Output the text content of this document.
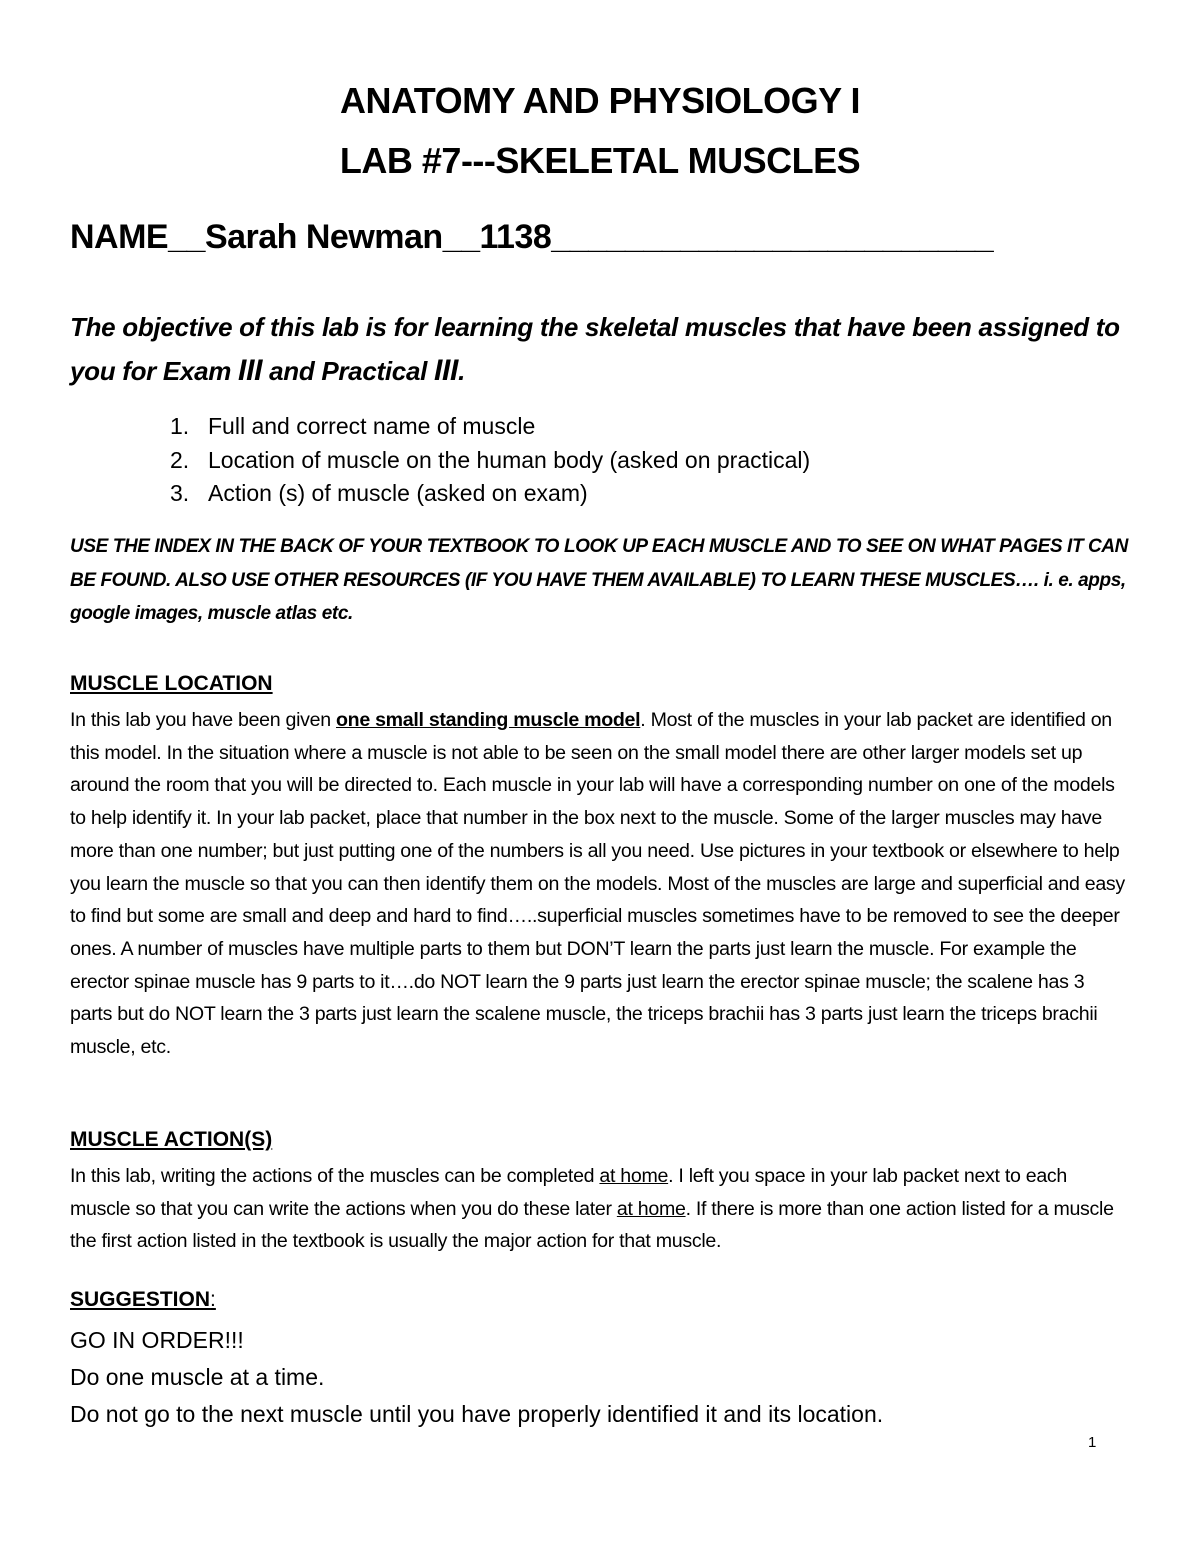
ANATOMY AND PHYSIOLOGY I
LAB #7---SKELETAL MUSCLES
NAME__Sarah Newman__1138________________________
The objective of this lab is for learning the skeletal muscles that have been assigned to you for Exam III and Practical III.
1. Full and correct name of muscle
2. Location of muscle on the human body (asked on practical)
3. Action (s) of muscle (asked on exam)
USE THE INDEX IN THE BACK OF YOUR TEXTBOOK TO LOOK UP EACH MUSCLE AND TO SEE ON WHAT PAGES IT CAN BE FOUND. ALSO USE OTHER RESOURCES (IF YOU HAVE THEM AVAILABLE) TO LEARN THESE MUSCLES…. i. e. apps, google images, muscle atlas etc.
MUSCLE LOCATION
In this lab you have been given one small standing muscle model. Most of the muscles in your lab packet are identified on this model. In the situation where a muscle is not able to be seen on the small model there are other larger models set up around the room that you will be directed to. Each muscle in your lab will have a corresponding number on one of the models to help identify it. In your lab packet, place that number in the box next to the muscle. Some of the larger muscles may have more than one number; but just putting one of the numbers is all you need. Use pictures in your textbook or elsewhere to help you learn the muscle so that you can then identify them on the models. Most of the muscles are large and superficial and easy to find but some are small and deep and hard to find…..superficial muscles sometimes have to be removed to see the deeper ones. A number of muscles have multiple parts to them but DON’T learn the parts just learn the muscle. For example the erector spinae muscle has 9 parts to it….do NOT learn the 9 parts just learn the erector spinae muscle; the scalene has 3 parts but do NOT learn the 3 parts just learn the scalene muscle, the triceps brachii has 3 parts just learn the triceps brachii muscle, etc.
MUSCLE ACTION(S)
In this lab, writing the actions of the muscles can be completed at home. I left you space in your lab packet next to each muscle so that you can write the actions when you do these later at home. If there is more than one action listed for a muscle the first action listed in the textbook is usually the major action for that muscle.
SUGGESTION:
GO IN ORDER!!!
Do one muscle at a time.
Do not go to the next muscle until you have properly identified it and its location.
1
